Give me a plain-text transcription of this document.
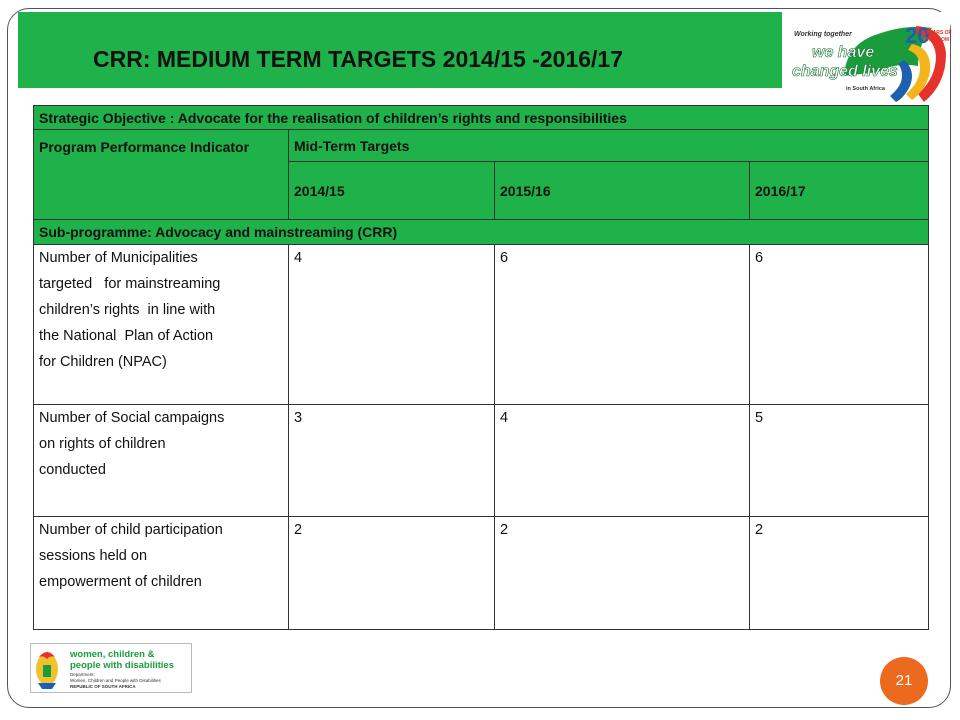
CRR: MEDIUM TERM TARGETS 2014/15 -2016/17
20
YEARS OF
FREEDOM
Working together
we have
changed lives
in South Africa
Strategic Objective : Advocate for the realisation of children’s rights and responsibilities			
Program Performance Indicator	Mid-Term Targets		
	2014/15	2015/16	2016/17
Sub-programme: Advocacy and mainstreaming (CRR)			

Number of Municipalities
targeted   for mainstreaming
children’s rights  in line with
the National  Plan of Action
for Children (NPAC)	4	6	6

Number of Social campaigns
on rights of children
conducted	3	4	5

Number of child participation
sessions held on
empowerment of children	2	2	2
women, children &
people with disabilities
Department:
Women, Children and People with Disabilities
REPUBLIC OF SOUTH AFRICA	21
